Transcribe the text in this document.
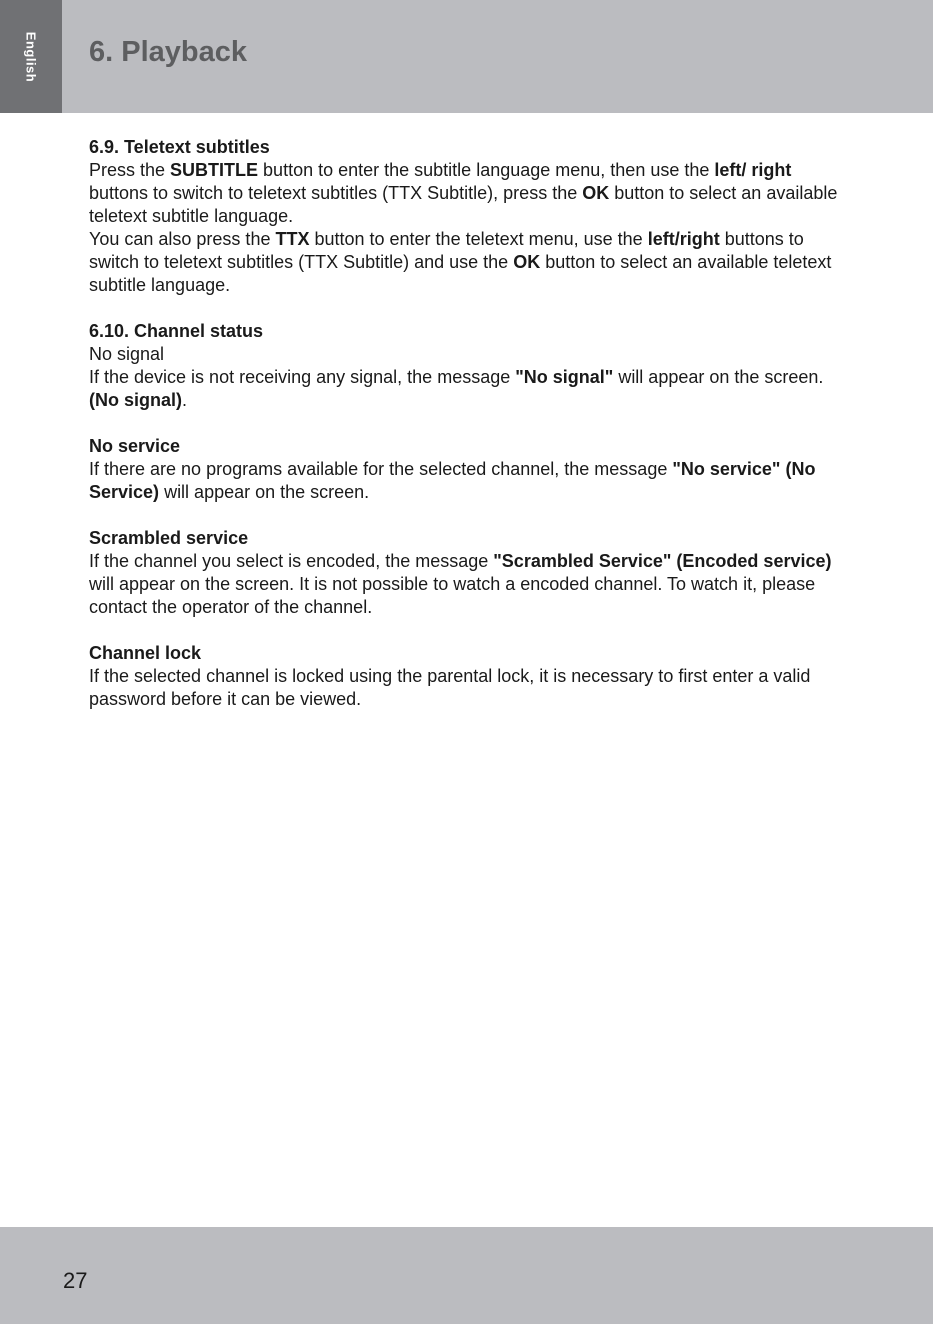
English 6. Playback

6.9. Teletext subtitles

Press the SUBTITLE button to enter the subtitle language menu, then use the left/ right buttons to switch to teletext subtitles (TTX Subtitle), press the OK button to select an available teletext subtitle language.

You can also press the TTX button to enter the teletext menu, use the left/right buttons to switch to teletext subtitles (TTX Subtitle) and use the OK button to select an available teletext subtitle language.

6.10. Channel status

No signal

If the device is not receiving any signal, the message "No signal" will appear on the screen.

(No signal).

No service

If there are no programs available for the selected channel, the message "No service" (No Service) will appear on the screen.

Scrambled service

If the channel you select is encoded, the message "Scrambled Service" (Encoded service) will appear on the screen. It is not possible to watch a encoded channel. To watch it, please contact the operator of the channel.

Channel lock

If the selected channel is locked using the parental lock, it is necessary to first enter a valid password before it can be viewed.

27
